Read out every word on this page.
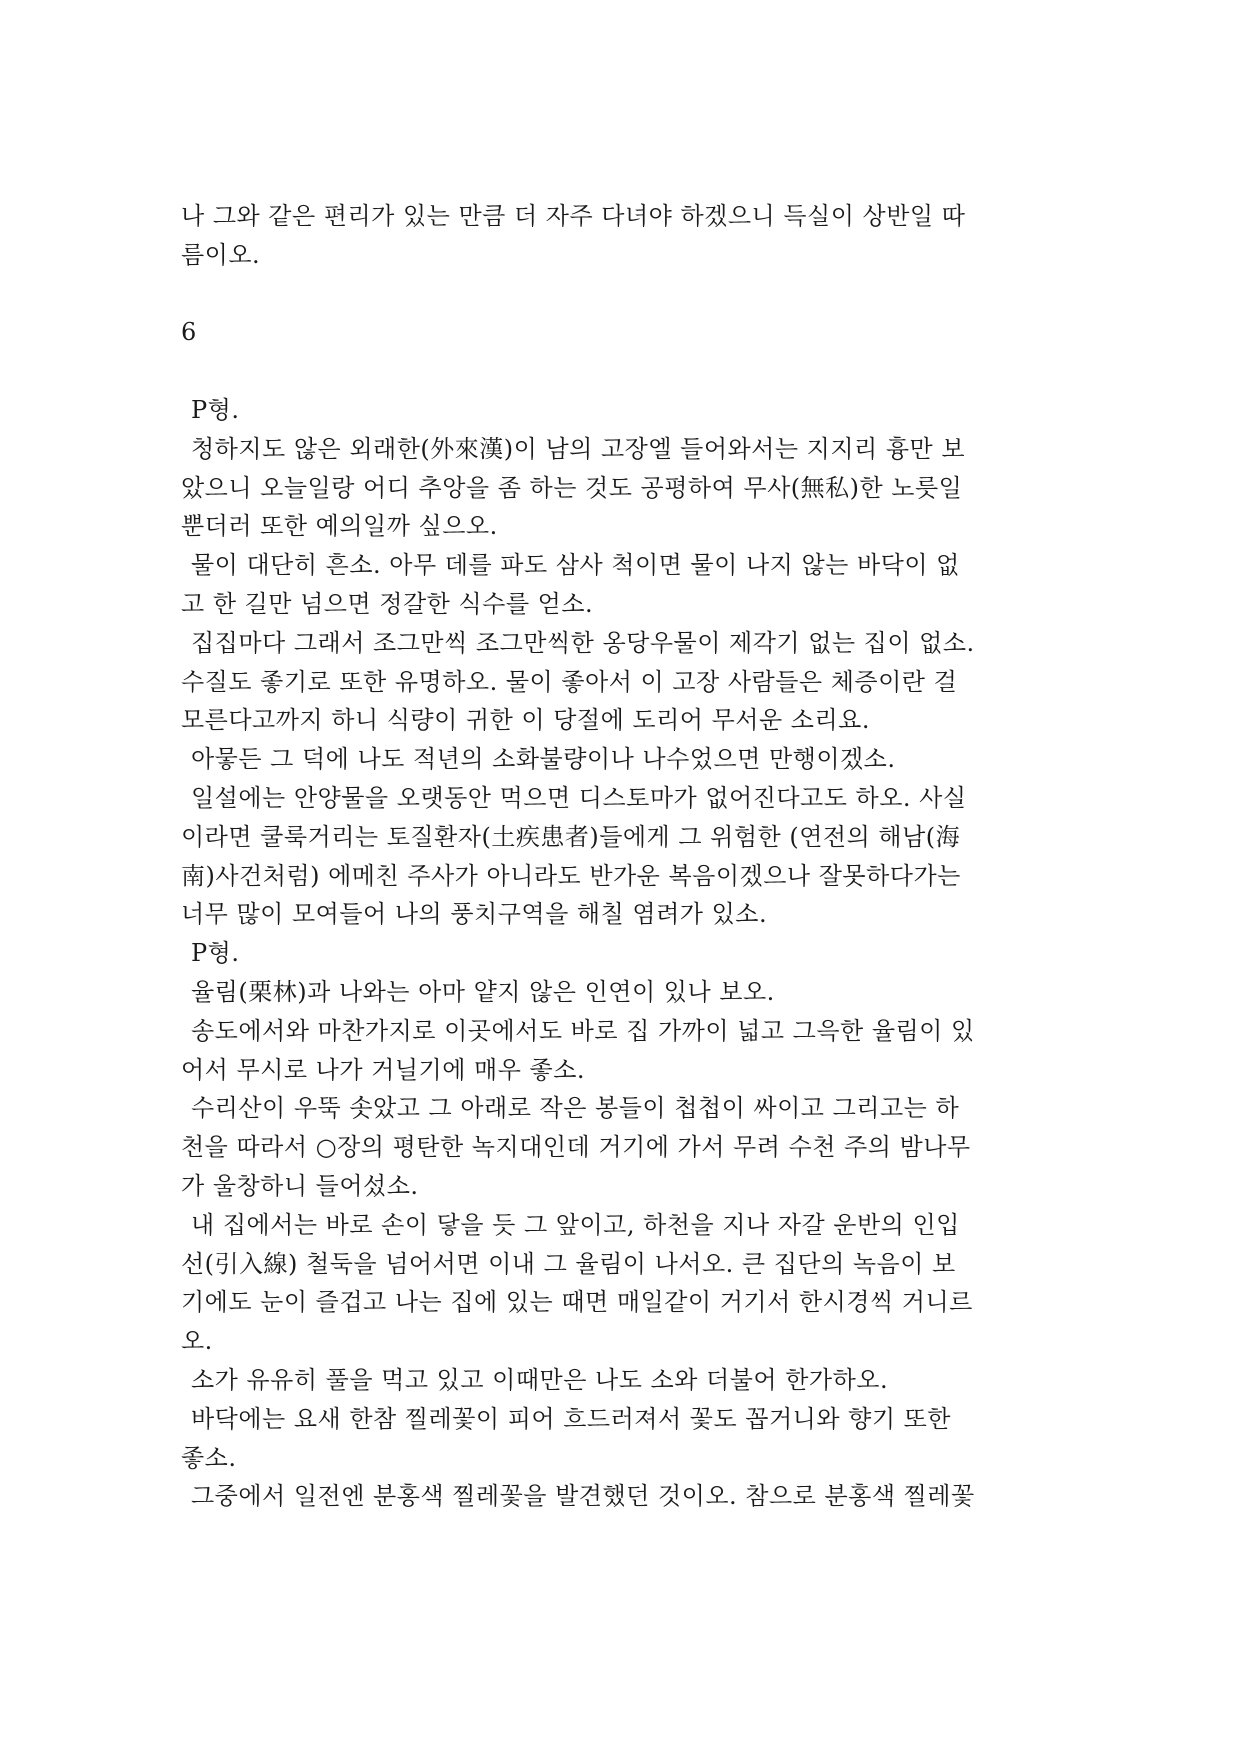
나 그와 같은 편리가 있는 만큼 더 자주 다녀야 하겠으니 득실이 상반일 따

름이오.

6

P형.

청하지도 않은 외래한(外來漢)이 남의 고장엘 들어와서는 지지리 흉만 보

았으니 오늘일랑 어디 추앙을 좀 하는 것도 공평하여 무사(無私)한 노릇일

뿐더러 또한 예의일까 싶으오.

물이 대단히 흔소. 아무 데를 파도 삼사 척이면 물이 나지 않는 바닥이 없

고 한 길만 넘으면 정갈한 식수를 얻소.

집집마다 그래서 조그만씩 조그만씩한 옹당우물이 제각기 없는 집이 없소.

수질도 좋기로 또한 유명하오. 물이 좋아서 이 고장 사람들은 체증이란 걸

모른다고까지 하니 식량이 귀한 이 당절에 도리어 무서운 소리요.

아뭏든 그 덕에 나도 적년의 소화불량이나 나수었으면 만행이겠소.

일설에는 안양물을 오랫동안 먹으면 디스토마가 없어진다고도 하오. 사실

이라면 쿨룩거리는 토질환자(土疾患者)들에게 그 위험한 (연전의 해남(海

南)사건처럼) 에메친 주사가 아니라도 반가운 복음이겠으나 잘못하다가는

너무 많이 모여들어 나의 풍치구역을 해칠 염려가 있소.

P형.

율림(栗林)과 나와는 아마 얕지 않은 인연이 있나 보오.

송도에서와 마찬가지로 이곳에서도 바로 집 가까이 넓고 그윽한 율림이 있

어서 무시로 나가 거닐기에 매우 좋소.

수리산이 우뚝 솟았고 그 아래로 작은 봉들이 첩첩이 싸이고 그리고는 하

천을 따라서 ○장의 평탄한 녹지대인데 거기에 가서 무려 수천 주의 밤나무

가 울창하니 들어섰소.

내 집에서는 바로 손이 닿을 듯 그 앞이고, 하천을 지나 자갈 운반의 인입

선(引入線) 철둑을 넘어서면 이내 그 율림이 나서오. 큰 집단의 녹음이 보

기에도 눈이 즐겁고 나는 집에 있는 때면 매일같이 거기서 한시경씩 거니르

오.

소가 유유히 풀을 먹고 있고 이때만은 나도 소와 더불어 한가하오.

바닥에는 요새 한참 찔레꽃이 피어 흐드러져서 꽃도 꼽거니와 향기 또한

좋소.

그중에서 일전엔 분홍색 찔레꽃을 발견했던 것이오. 참으로 분홍색 찔레꽃
